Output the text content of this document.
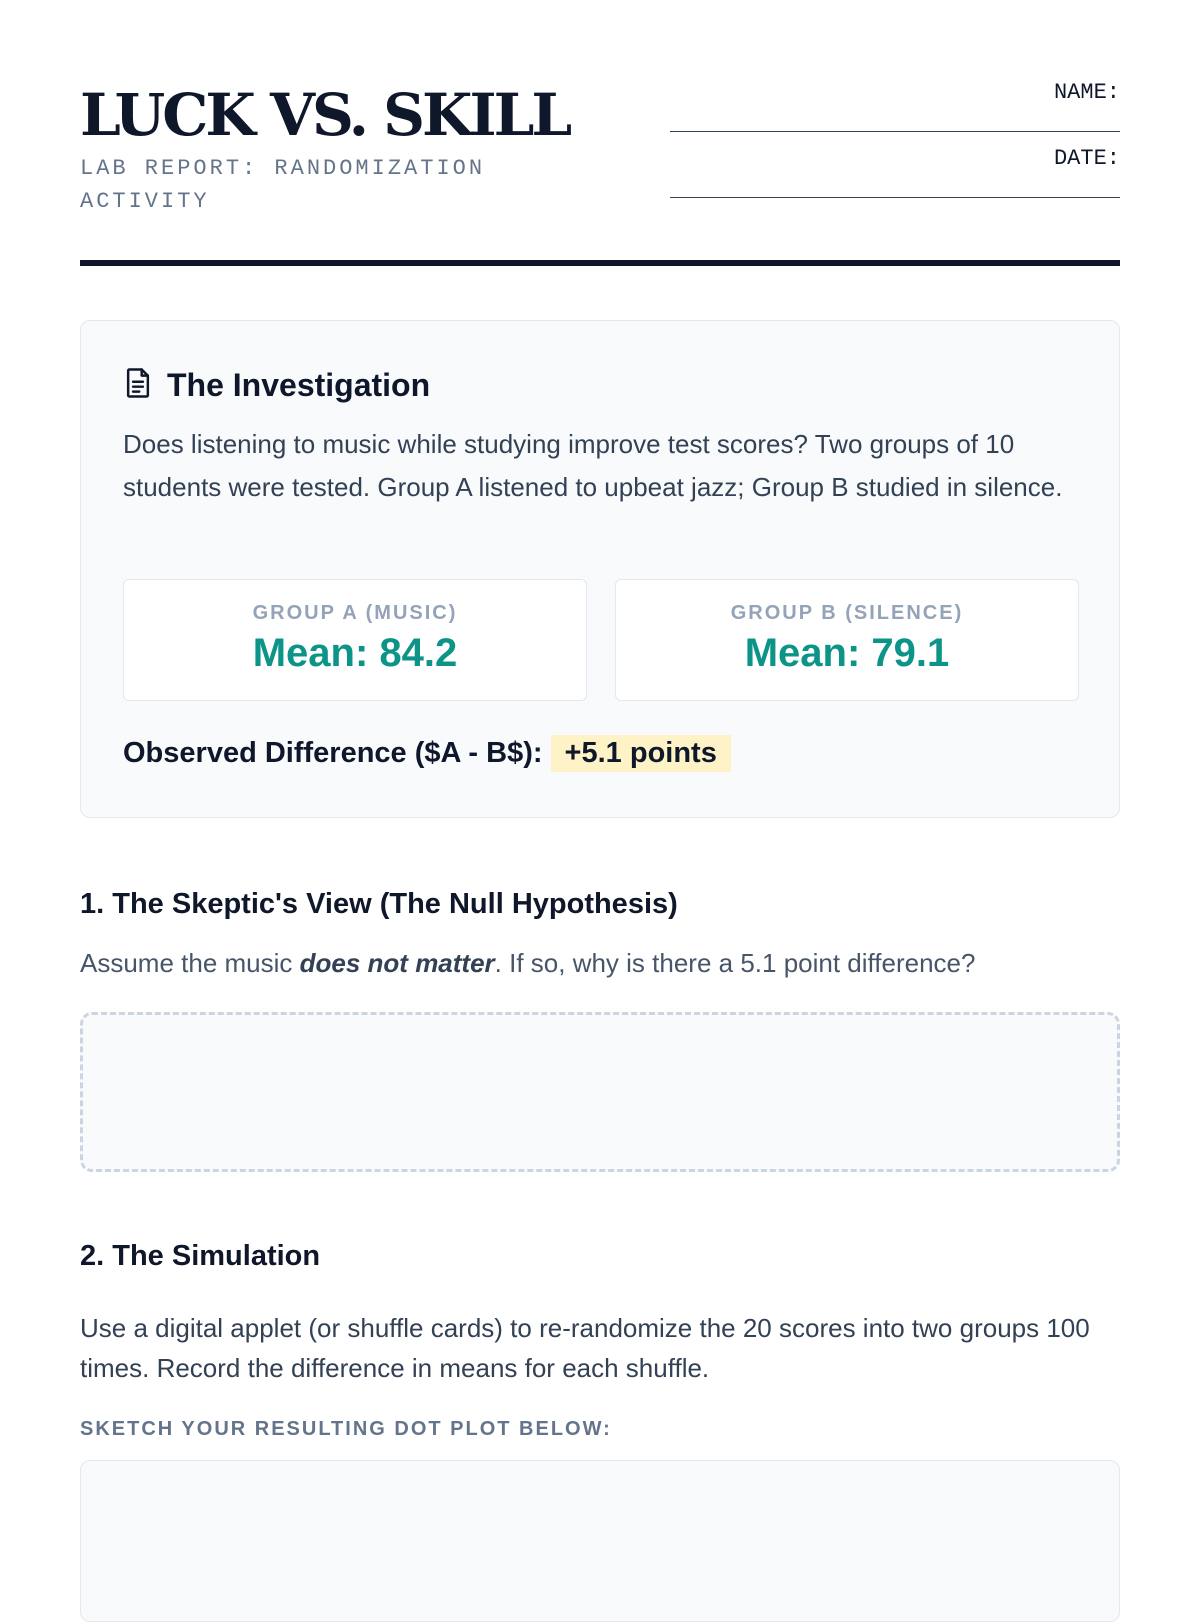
LUCK VS. SKILL
LAB REPORT: RANDOMIZATION ACTIVITY
NAME:
DATE:
The Investigation
Does listening to music while studying improve test scores? Two groups of 10 students were tested. Group A listened to upbeat jazz; Group B studied in silence.
GROUP A (MUSIC)
Mean: 84.2
GROUP B (SILENCE)
Mean: 79.1
Observed Difference ($A - B$): +5.1 points
1. The Skeptic's View (The Null Hypothesis)
Assume the music does not matter. If so, why is there a 5.1 point difference?
2. The Simulation
Use a digital applet (or shuffle cards) to re-randomize the 20 scores into two groups 100 times. Record the difference in means for each shuffle.
SKETCH YOUR RESULTING DOT PLOT BELOW:
